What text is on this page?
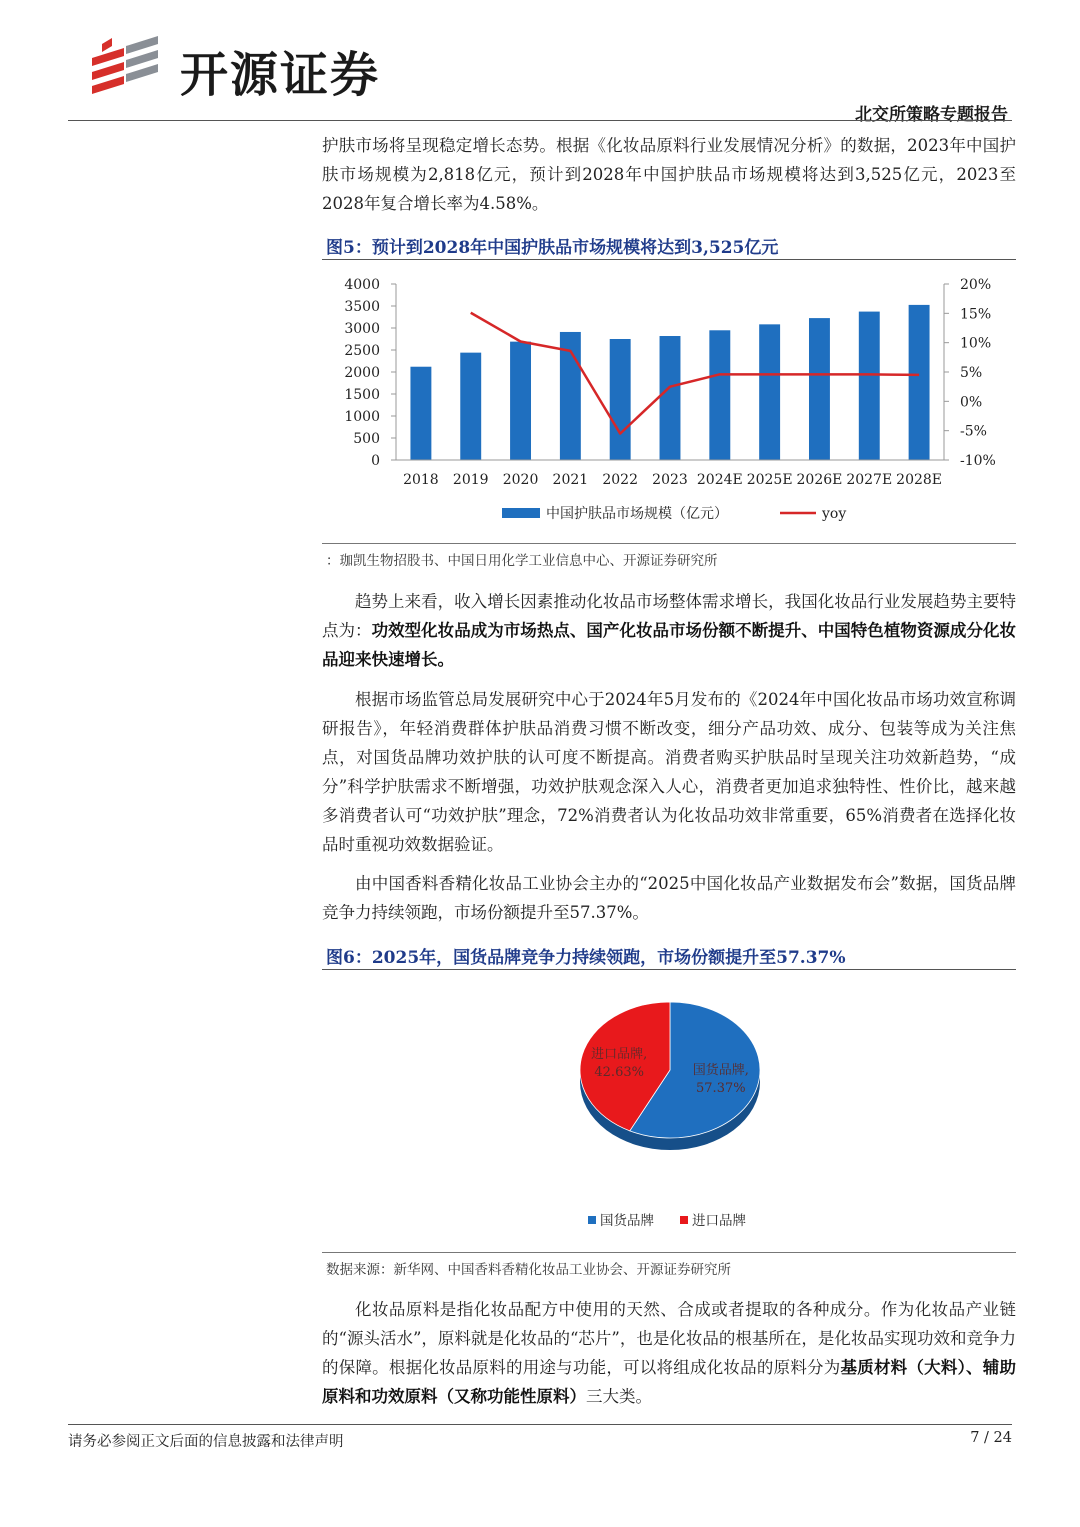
开源证券
北交所策略专题报告

护肤市场将呈现稳定增长态势。根据《化妆品原料行业发展情况分析》的数据，2023年中国护肤市场规模为2,818亿元，预计到2028年中国护肤品市场规模将达到3,525亿元，2023至2028年复合增长率为4.58%。

图5：预计到2028年中国护肤品市场规模将达到3,525亿元
0
500
1000
1500
2000
2500
3000
3500
4000
-10%
-5%
0%
5%
10%
15%
20%
2018 2019 2020 2021 2022 2023 2024E 2025E 2026E 2027E 2028E
中国护肤品市场规模（亿元）	yoy
：珈凯生物招股书、中国日用化学工业信息中心、开源证券研究所

趋势上来看，收入增长因素推动化妆品市场整体需求增长，我国化妆品行业发展趋势主要特点为：功效型化妆品成为市场热点、国产化妆品市场份额不断提升、中国特色植物资源成分化妆品迎来快速增长。

根据市场监管总局发展研究中心于2024年5月发布的《2024年中国化妆品市场功效宣称调研报告》，年轻消费群体护肤品消费习惯不断改变，细分产品功效、成分、包装等成为关注焦点，对国货品牌功效护肤的认可度不断提高。消费者购买护肤品时呈现关注功效新趋势，“成分”科学护肤需求不断增强，功效护肤观念深入人心，消费者更加追求独特性、性价比，越来越多消费者认可“功效护肤”理念，72%消费者认为化妆品功效非常重要，65%消费者在选择化妆品时重视功效数据验证。

由中国香料香精化妆品工业协会主办的“2025中国化妆品产业数据发布会”数据，国货品牌竞争力持续领跑，市场份额提升至57.37%。

图6：2025年，国货品牌竞争力持续领跑，市场份额提升至57.37%
国货品牌,
57.37%
进口品牌,
42.63%
国货品牌	进口品牌
数据来源：新华网、中国香料香精化妆品工业协会、开源证券研究所

化妆品原料是指化妆品配方中使用的天然、合成或者提取的各种成分。作为化妆品产业链的“源头活水”，原料就是化妆品的“芯片”，也是化妆品的根基所在，是化妆品实现功效和竞争力的保障。根据化妆品原料的用途与功能，可以将组成化妆品的原料分为基质材料（大料）、辅助原料和功效原料（又称功能性原料）三大类。

请务必参阅正文后面的信息披露和法律声明	7 / 24
